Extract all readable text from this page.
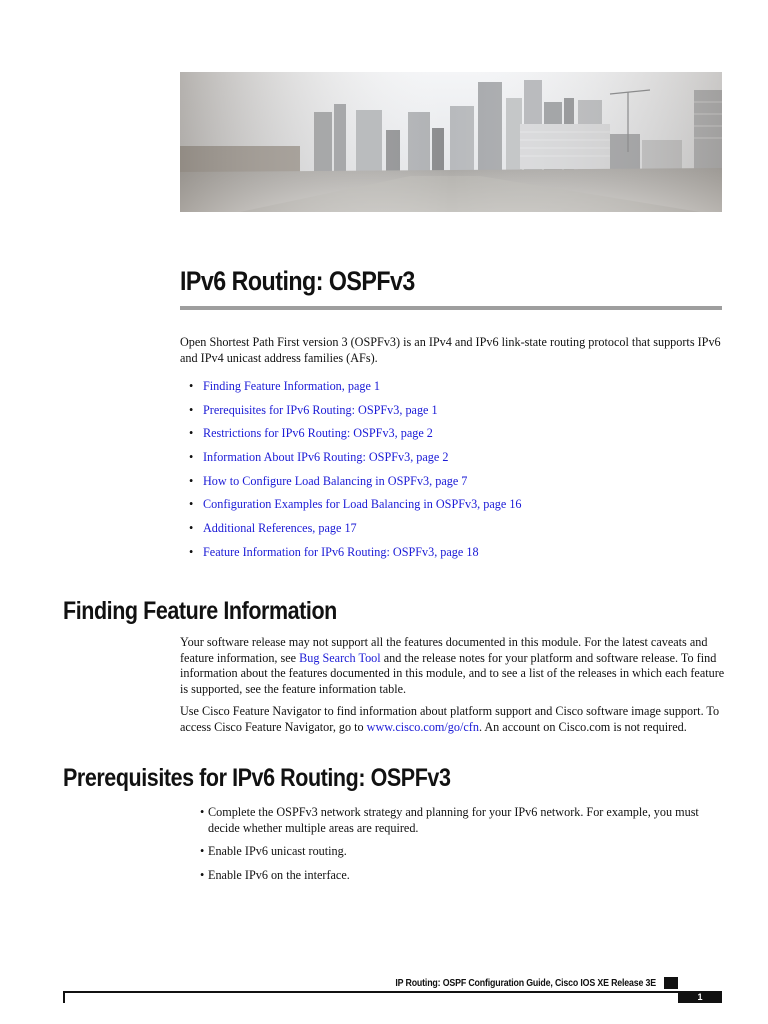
IPv6 Routing: OSPFv3

Open Shortest Path First version 3 (OSPFv3) is an IPv4 and IPv6 link-state routing protocol that supports IPv6 and IPv4 unicast address families (AFs).

• Finding Feature Information, page 1
• Prerequisites for IPv6 Routing: OSPFv3, page 1
• Restrictions for IPv6 Routing: OSPFv3, page 2
• Information About IPv6 Routing: OSPFv3, page 2
• How to Configure Load Balancing in OSPFv3, page 7
• Configuration Examples for Load Balancing in OSPFv3, page 16
• Additional References, page 17
• Feature Information for IPv6 Routing: OSPFv3, page 18
Finding Feature Information

Your software release may not support all the features documented in this module. For the latest caveats and feature information, see Bug Search Tool and the release notes for your platform and software release. To find information about the features documented in this module, and to see a list of the releases in which each feature is supported, see the feature information table.

Use Cisco Feature Navigator to find information about platform support and Cisco software image support. To access Cisco Feature Navigator, go to www.cisco.com/go/cfn. An account on Cisco.com is not required.

Prerequisites for IPv6 Routing: OSPFv3
• Complete the OSPFv3 network strategy and planning for your IPv6 network. For example, you must decide whether multiple areas are required.
• Enable IPv6 unicast routing.
• Enable IPv6 on the interface.
IP Routing: OSPF Configuration Guide, Cisco IOS XE Release 3E
1
